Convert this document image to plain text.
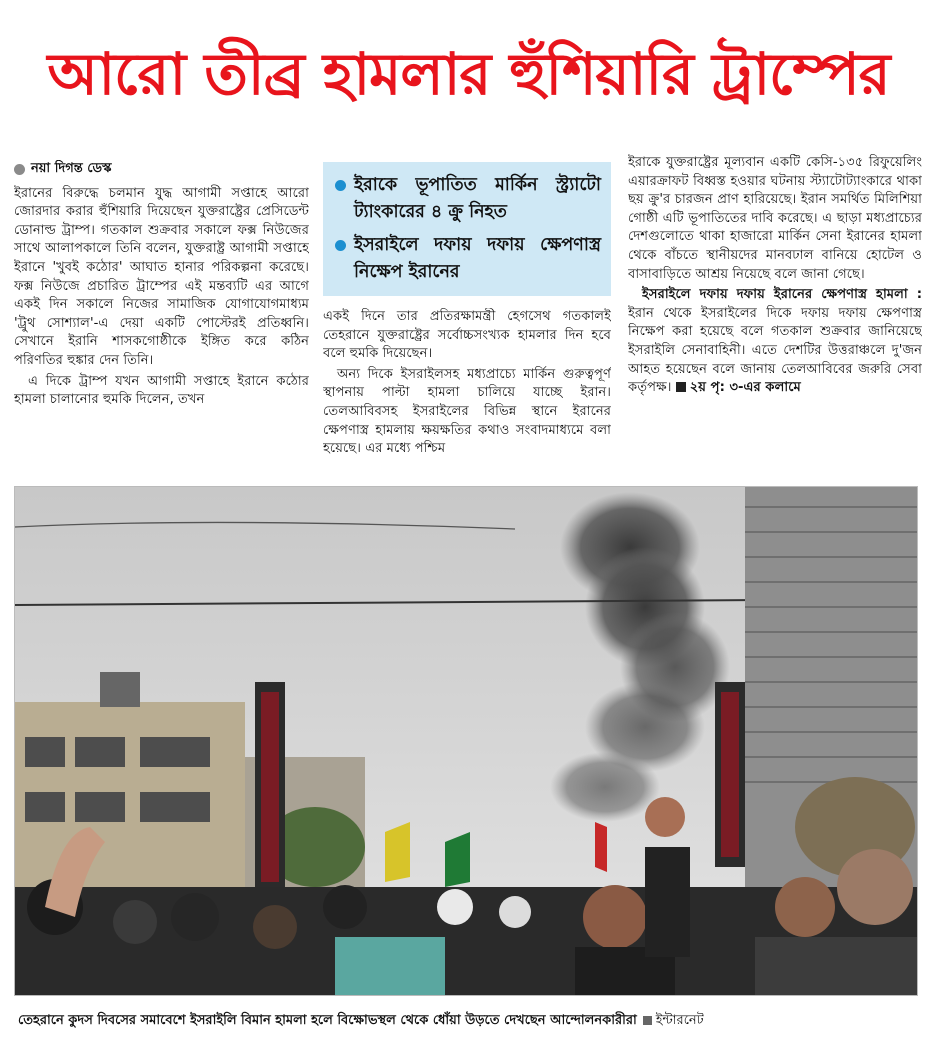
আরো তীব্র হামলার হুঁশিয়ারি ট্রাম্পের
নয়া দিগন্ত ডেস্ক

ইরানের বিরুদ্ধে চলমান যুদ্ধ আগামী সপ্তাহে আরো জোরদার করার হুঁশিয়ারি দিয়েছেন যুক্তরাষ্ট্রের প্রেসিডেন্ট ডোনাল্ড ট্রাম্প। গতকাল শুক্রবার সকালে ফক্স নিউজের সাথে আলাপকালে তিনি বলেন, যুক্তরাষ্ট্র আগামী সপ্তাহে ইরানে 'খুবই কঠোর' আঘাত হানার পরিকল্পনা করেছে। ফক্স নিউজে প্রচারিত ট্রাম্পের এই মন্তব্যটি এর আগে একই দিন সকালে নিজের সামাজিক যোগাযোগমাধ্যম 'ট্রুথ সোশ্যাল'-এ দেয়া একটি পোস্টেরই প্রতিধ্বনি। সেখানে ইরানি শাসকগোষ্ঠীকে ইঙ্গিত করে কঠিন পরিণতির হুঙ্কার দেন তিনি।

এ দিকে ট্রাম্প যখন আগামী সপ্তাহে ইরানে কঠোর হামলা চালানোর হুমকি দিলেন, তখন

ইরাকে ভূপাতিত মার্কিন স্ট্র্যাটো ট্যাংকারের ৪ ক্রু নিহত
ইসরাইলে দফায় দফায় ক্ষেপণাস্ত্র নিক্ষেপ ইরানের

একই দিনে তার প্রতিরক্ষামন্ত্রী হেগসেথ গতকালই তেহরানে যুক্তরাষ্ট্রের সর্বোচ্চসংখ্যক হামলার দিন হবে বলে হুমকি দিয়েছেন।

অন্য দিকে ইসরাইলসহ মধ্যপ্রাচ্যে মার্কিন গুরুত্বপূর্ণ স্থাপনায় পাল্টা হামলা চালিয়ে যাচ্ছে ইরান। তেলআবিবসহ ইসরাইলের বিভিন্ন স্থানে ইরানের ক্ষেপণাস্ত্র হামলায় ক্ষয়ক্ষতির কথাও সংবাদমাধ্যমে বলা হয়েছে। এর মধ্যে পশ্চিম

ইরাকে যুক্তরাষ্ট্রের মূল্যবান একটি কেসি-১৩৫ রিফুয়েলিং এয়ারক্রাফট বিধ্বস্ত হওয়ার ঘটনায় স্ট্যাটোট্যাংকারে থাকা ছয় ক্রু'র চারজন প্রাণ হারিয়েছে। ইরান সমর্থিত মিলিশিয়া গোষ্ঠী এটি ভূপাতিতের দাবি করেছে। এ ছাড়া মধ্যপ্রাচ্যের দেশগুলোতে থাকা হাজারো মার্কিন সেনা ইরানের হামলা থেকে বাঁচতে স্থানীয়দের মানবঢাল বানিয়ে হোটেল ও বাসাবাড়িতে আশ্রয় নিয়েছে বলে জানা গেছে।

ইসরাইলে দফায় দফায় ইরানের ক্ষেপণাস্ত্র হামলা : ইরান থেকে ইসরাইলের দিকে দফায় দফায় ক্ষেপণাস্ত্র নিক্ষেপ করা হয়েছে বলে গতকাল শুক্রবার জানিয়েছে ইসরাইলি সেনাবাহিনী। এতে দেশটির উত্তরাঞ্চলে দু'জন আহত হয়েছেন বলে জানায় তেলআবিবের জরুরি সেবা কর্তৃপক্ষ। ২য় পৃ: ৩-এর কলামে

তেহরানে কুদস দিবসের সমাবেশে ইসরাইলি বিমান হামলা হলে বিক্ষোভস্থল থেকে ধোঁয়া উড়তে দেখছেন আন্দোলনকারীরা ইন্টারনেট
